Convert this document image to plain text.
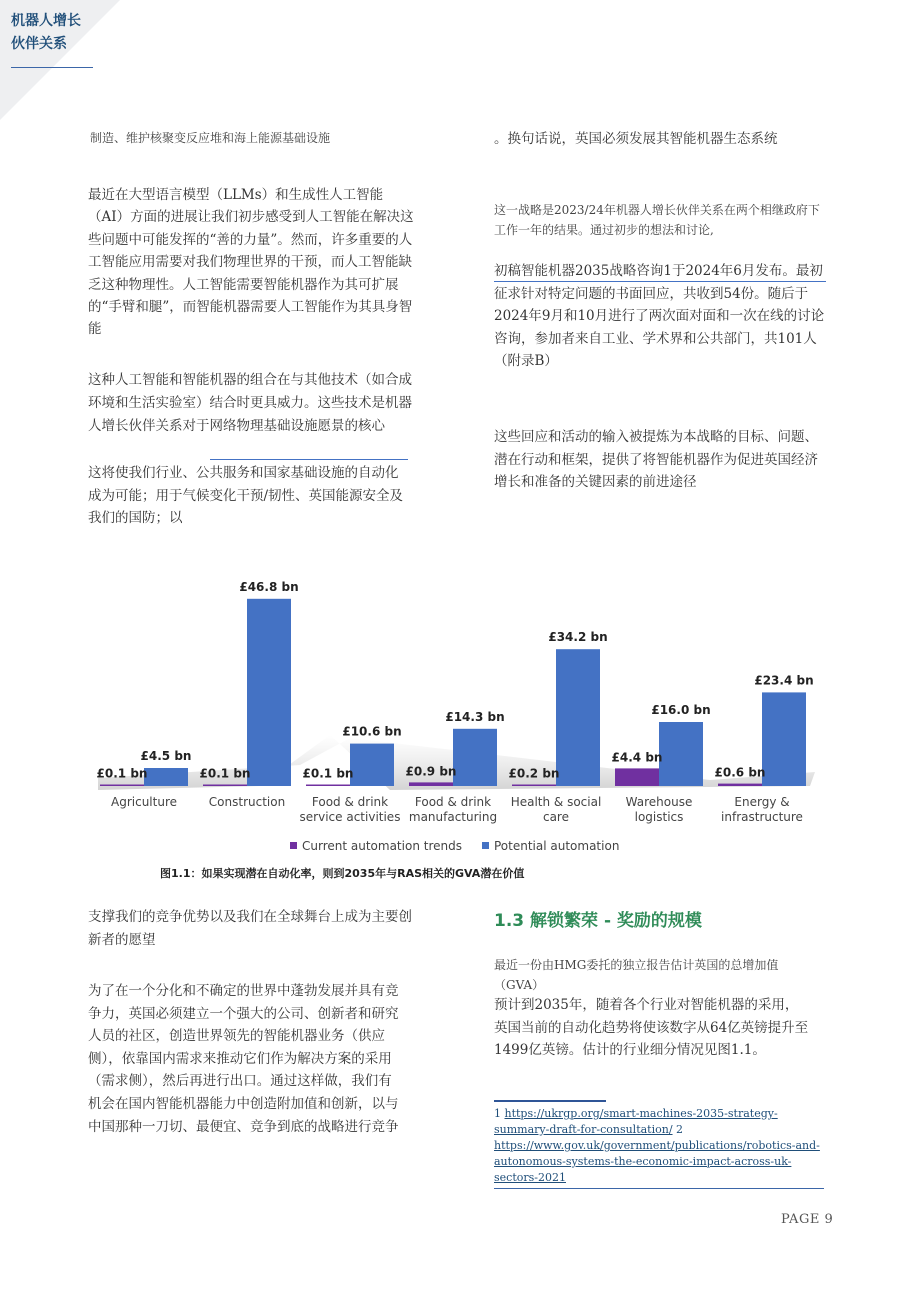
机器人增长
伙伴关系
制造、维护核聚变反应堆和海上能源基础设施
最近在大型语言模型（LLMs）和生成性人工智能（AI）方面的进展让我们初步感受到人工智能在解决这些问题中可能发挥的“善的力量”。然而，许多重要的人工智能应用需要对我们物理世界的干预，而人工智能缺乏这种物理性。人工智能需要智能机器作为其可扩展的“手臂和腿”，而智能机器需要人工智能作为其具身智能
这种人工智能和智能机器的组合在与其他技术（如合成环境和生活实验室）结合时更具威力。这些技术是机器人增长伙伴关系对于网络物理基础设施愿景的核心
这将使我们行业、公共服务和国家基础设施的自动化成为可能；用于气候变化干预/韧性、英国能源安全及我们的国防；以
。换句话说，英国必须发展其智能机器生态系统
这一战略是2023/24年机器人增长伙伴关系在两个相继政府下工作一年的结果。通过初步的想法和讨论,
初稿智能机器2035战略咨询1于2024年6月发布。最初征求针对特定问题的书面回应，共收到54份。随后于2024年9月和10月进行了两次面对面和一次在线的讨论咨询，参加者来自工业、学术界和公共部门，共101人（附录B）
这些回应和活动的输入被提炼为本战略的目标、问题、潜在行动和框架，提供了将智能机器作为促进英国经济增长和准备的关键因素的前进途径
£0.1 bn
£4.5 bn
Agriculture
£0.1 bn
£46.8 bn
Construction
£0.1 bn
£10.6 bn
Food & drink
service activities
£0.9 bn
£14.3 bn
Food & drink
manufacturing
£0.2 bn
£34.2 bn
Health & social
care
£4.4 bn
£16.0 bn
Warehouse
logistics
£0.6 bn
£23.4 bn
Energy &
infrastructure
Current automation trends	Potential automation
图1.1：如果实现潜在自动化率，则到2035年与RAS相关的GVA潜在价值
支撑我们的竞争优势以及我们在全球舞台上成为主要创新者的愿望
为了在一个分化和不确定的世界中蓬勃发展并具有竞争力，英国必须建立一个强大的公司、创新者和研究人员的社区，创造世界领先的智能机器业务（供应侧），依靠国内需求来推动它们作为解决方案的采用（需求侧），然后再进行出口。通过这样做，我们有机会在国内智能机器能力中创造附加值和创新，以与中国那种一刀切、最便宜、竞争到底的战略进行竞争
1.3 解锁繁荣 - 奖励的规模
最近一份由HMG委托的独立报告估计英国的总增加值（GVA）
预计到2035年，随着各个行业对智能机器的采用，英国当前的自动化趋势将使该数字从64亿英镑提升至1499亿英镑。估计的行业细分情况见图1.1。
1 https://ukrgp.org/smart-machines-2035-strategy-summary-draft-for-consultation/ 2 https://www.gov.uk/government/publications/robotics-and-autonomous-systems-the-economic-impact-across-uk-sectors-2021
PAGE 9
